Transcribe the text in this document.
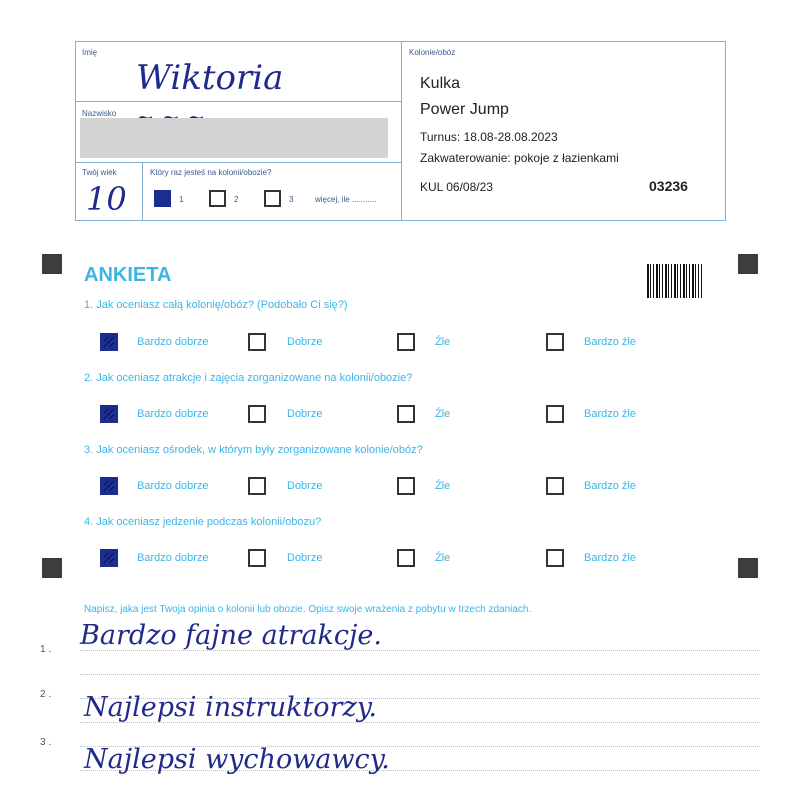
Imię
Wiktoria
Nazwisko
Twój wiek
10
Który raz jesteś na kolonii/obozie?
1	2	3	więcej, ile ...........
Kolonie/obóz
Kulka
Power Jump
Turnus: 18.08-28.08.2023
Zakwaterowanie: pokoje z łazienkami
KUL 06/08/23	03236
ANKIETA
1. Jak oceniasz całą kolonię/obóz? (Podobało Ci się?)
Bardzo dobrze	Dobrze	Źle	Bardzo źle
2. Jak oceniasz atrakcje i zajęcia zorganizowane na kolonii/obozie?
Bardzo dobrze	Dobrze	Źle	Bardzo źle
3. Jak oceniasz ośrodek, w którym były zorganizowane kolonie/obóz?
Bardzo dobrze	Dobrze	Źle	Bardzo źle
4. Jak oceniasz jedzenie podczas kolonii/obozu?
Bardzo dobrze	Dobrze	Źle	Bardzo źle
Napisz, jaka jest Twoja opinia o kolonii lub obozie. Opisz swoje wrażenia z pobytu w trzech zdaniach.
1 .
2 .
3 .
Bardzo fajne atrakcje.
Najlepsi instruktorzy.
Najlepsi wychowawcy.
